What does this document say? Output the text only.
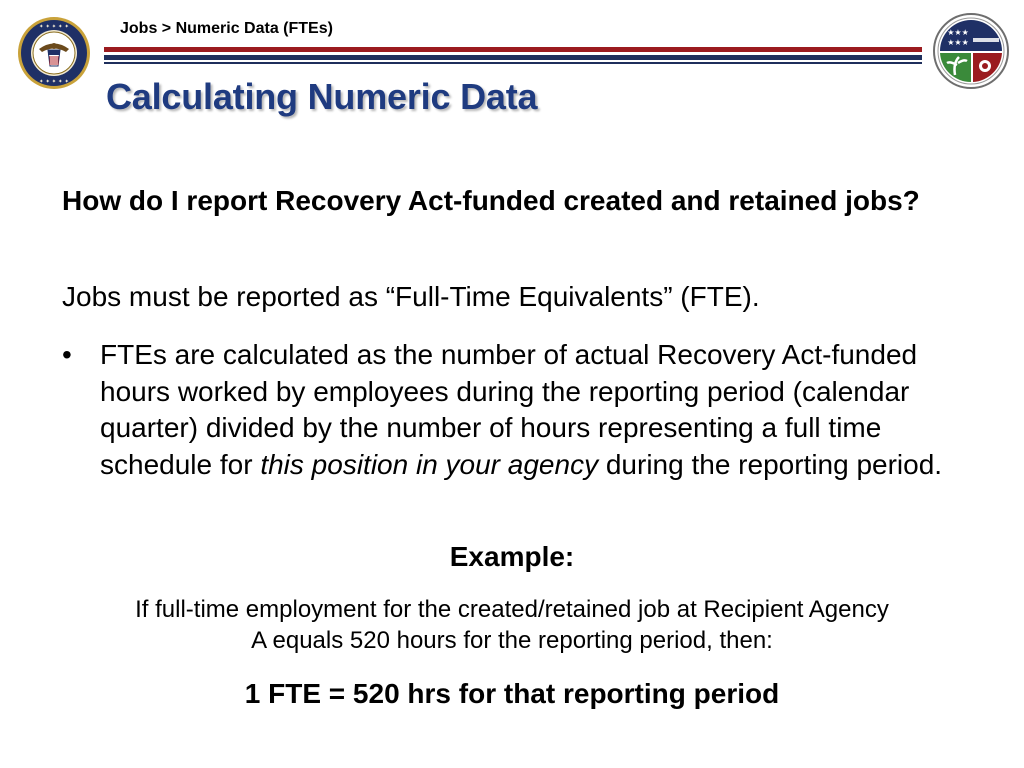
✦ ✦ ✦ ✦ ✦
✦ ✦ ✦ ✦ ✦
Jobs > Numeric Data (FTEs)	★★★
★★★
Calculating Numeric Data
How do I report Recovery Act-funded created and retained jobs?
Jobs must be reported as “Full-Time Equivalents” (FTE).
• FTEs are calculated as the number of actual Recovery Act-funded hours worked by employees during the reporting period (calendar quarter) divided by the number of hours representing a full time schedule for this position in your agency during the reporting period.
Example:
If full-time employment for the created/retained job at Recipient Agency
A equals 520 hours for the reporting period, then:
1 FTE = 520 hrs for that reporting period
